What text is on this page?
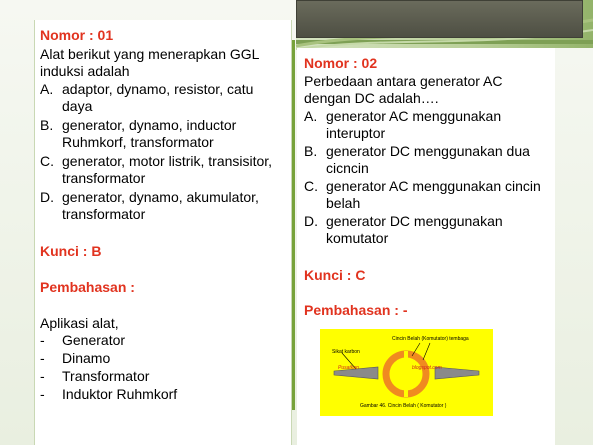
Nomor : 01
Alat berikut yang menerapkan GGL
induksi adalah
A. adaptor, dynamo, resistor, catu
daya
B. generator, dynamo, inductor
Ruhmkorf, transformator
C. generator, motor listrik, transisitor,
transformator
D. generator, dynamo, akumulator,
transformator
Kunci : B
Pembahasan :
Aplikasi alat,
- Generator
- Dinamo
- Transformator
- Induktor Ruhmkorf
Nomor : 02
Perbedaan antara generator AC
dengan DC adalah….
A. generator AC menggunakan
interuptor
B. generator DC menggunakan dua
cicncin
C. generator AC menggunakan cincin
belah
D. generator DC menggunakan
komutator
Kunci : C
Pembahasan : -
Cincin Belah (Komutator) tembaga
Sikat karbon
Pusatkan	blogspot.com
Gambar 46. Cincin Belah ( Komutator )
